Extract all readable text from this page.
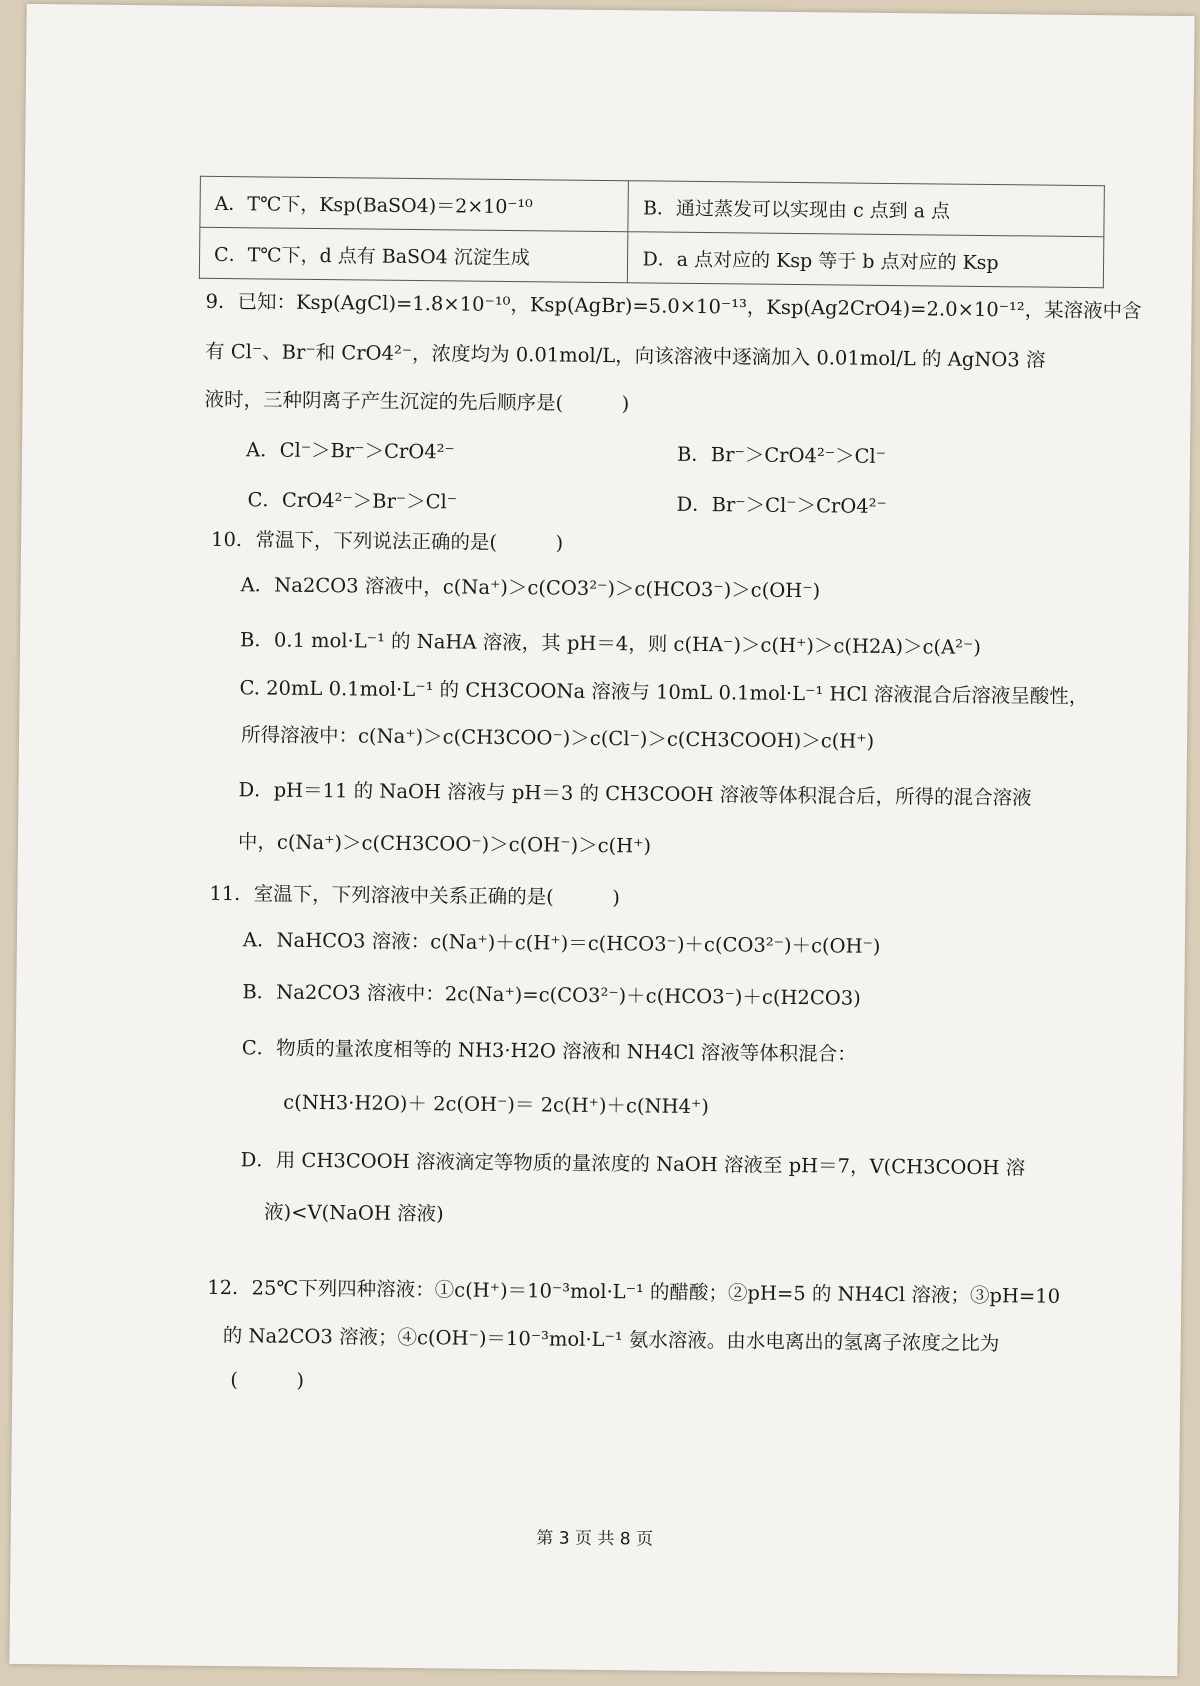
A．T℃下，Ksp(BaSO4)＝2×10⁻¹⁰	B．通过蒸发可以实现由 c 点到 a 点
C．T℃下，d 点有 BaSO4 沉淀生成	D．a 点对应的 Ksp 等于 b 点对应的 Ksp
9．已知：Ksp(AgCl)=1.8×10⁻¹⁰，Ksp(AgBr)=5.0×10⁻¹³，Ksp(Ag2CrO4)=2.0×10⁻¹²，某溶液中含
有 Cl⁻、Br⁻和 CrO4²⁻，浓度均为 0.01mol/L，向该溶液中逐滴加入 0.01mol/L 的 AgNO3 溶
液时，三种阴离子产生沉淀的先后顺序是(　　　)
A．Cl⁻＞Br⁻＞CrO4²⁻	B．Br⁻＞CrO4²⁻＞Cl⁻
C．CrO4²⁻＞Br⁻＞Cl⁻	D．Br⁻＞Cl⁻＞CrO4²⁻
10．常温下，下列说法正确的是(　　　)
A．Na2CO3 溶液中，c(Na⁺)＞c(CO3²⁻)＞c(HCO3⁻)＞c(OH⁻)
B．0.1 mol·L⁻¹ 的 NaHA 溶液，其 pH＝4，则 c(HA⁻)＞c(H⁺)＞c(H2A)＞c(A²⁻)
C. 20mL 0.1mol·L⁻¹ 的 CH3COONa 溶液与 10mL 0.1mol·L⁻¹ HCl 溶液混合后溶液呈酸性，
所得溶液中：c(Na⁺)＞c(CH3COO⁻)＞c(Cl⁻)＞c(CH3COOH)＞c(H⁺)
D．pH＝11 的 NaOH 溶液与 pH＝3 的 CH3COOH 溶液等体积混合后，所得的混合溶液
中，c(Na⁺)＞c(CH3COO⁻)＞c(OH⁻)＞c(H⁺)
11．室温下，下列溶液中关系正确的是(　　　)
A．NaHCO3 溶液：c(Na⁺)＋c(H⁺)＝c(HCO3⁻)＋c(CO3²⁻)＋c(OH⁻)
B．Na2CO3 溶液中：2c(Na⁺)=c(CO3²⁻)＋c(HCO3⁻)＋c(H2CO3)
C．物质的量浓度相等的 NH3·H2O 溶液和 NH4Cl 溶液等体积混合：
c(NH3·H2O)＋ 2c(OH⁻)＝ 2c(H⁺)＋c(NH4⁺)
D．用 CH3COOH 溶液滴定等物质的量浓度的 NaOH 溶液至 pH＝7，V(CH3COOH 溶
液)<V(NaOH 溶液)
12．25℃下列四种溶液：①c(H⁺)＝10⁻³mol·L⁻¹ 的醋酸；②pH=5 的 NH4Cl 溶液；③pH=10
的 Na2CO3 溶液；④c(OH⁻)＝10⁻³mol·L⁻¹ 氨水溶液。由水电离出的氢离子浓度之比为
(　　　)
第 3 页 共 8 页
